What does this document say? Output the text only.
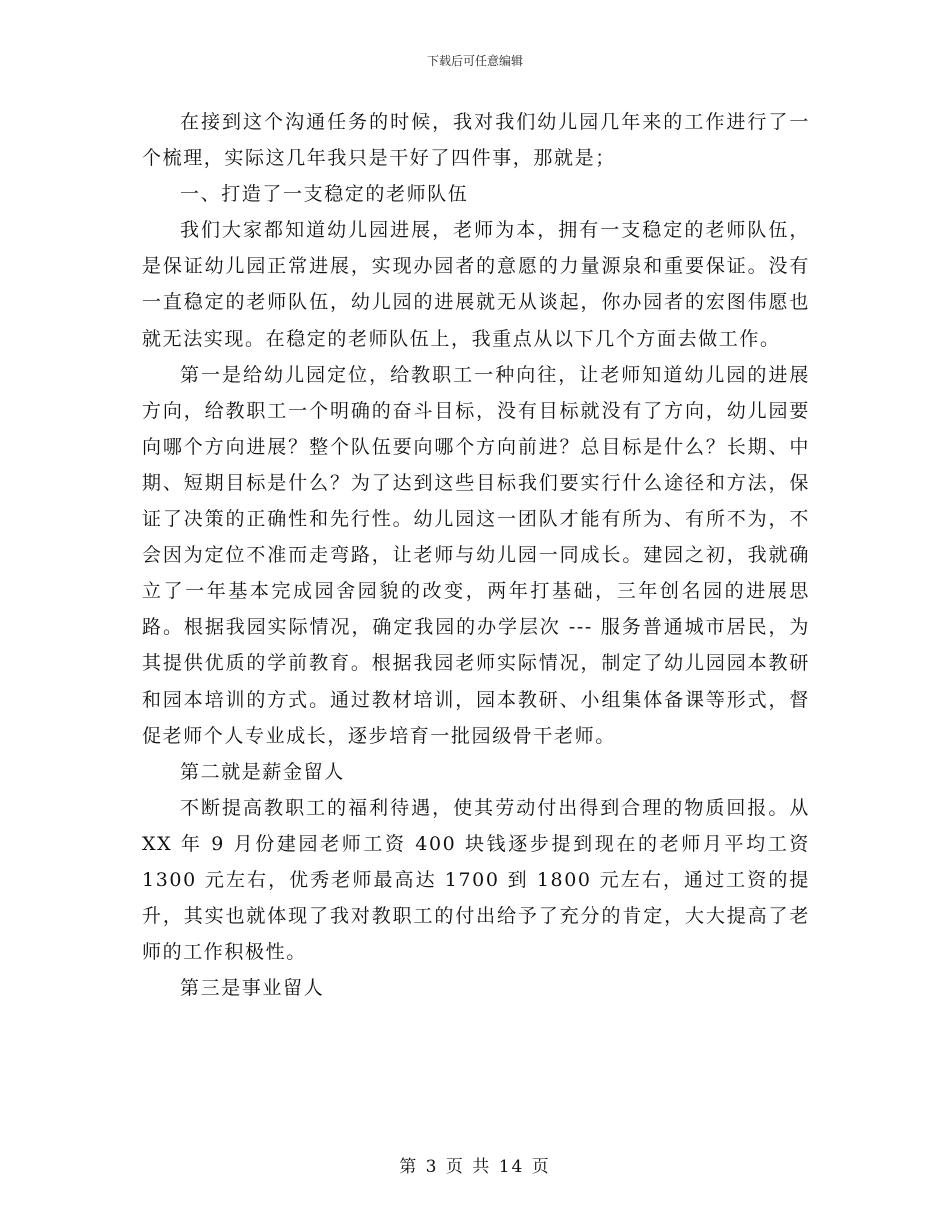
下载后可任意编辑

在接到这个沟通任务的时候，我对我们幼儿园几年来的工作进行了一个梳理，实际这几年我只是干好了四件事，那就是；

一、打造了一支稳定的老师队伍

我们大家都知道幼儿园进展，老师为本，拥有一支稳定的老师队伍，是保证幼儿园正常进展，实现办园者的意愿的力量源泉和重要保证。没有一直稳定的老师队伍，幼儿园的进展就无从谈起，你办园者的宏图伟愿也就无法实现。在稳定的老师队伍上，我重点从以下几个方面去做工作。

第一是给幼儿园定位，给教职工一种向往，让老师知道幼儿园的进展方向，给教职工一个明确的奋斗目标，没有目标就没有了方向，幼儿园要向哪个方向进展？整个队伍要向哪个方向前进？总目标是什么？长期、中期、短期目标是什么？为了达到这些目标我们要实行什么途径和方法，保证了决策的正确性和先行性。幼儿园这一团队才能有所为、有所不为，不会因为定位不准而走弯路，让老师与幼儿园一同成长。建园之初，我就确立了一年基本完成园舍园貌的改变，两年打基础，三年创名园的进展思路。根据我园实际情况，确定我园的办学层次 --- 服务普通城市居民，为其提供优质的学前教育。根据我园老师实际情况，制定了幼儿园园本教研和园本培训的方式。通过教材培训，园本教研、小组集体备课等形式，督促老师个人专业成长，逐步培育一批园级骨干老师。

第二就是薪金留人

不断提高教职工的福利待遇，使其劳动付出得到合理的物质回报。从 XX 年 9 月份建园老师工资 400 块钱逐步提到现在的老师月平均工资 1300 元左右，优秀老师最高达 1700 到 1800 元左右，通过工资的提升，其实也就体现了我对教职工的付出给予了充分的肯定，大大提高了老师的工作积极性。

第三是事业留人

第 3 页 共 14 页
